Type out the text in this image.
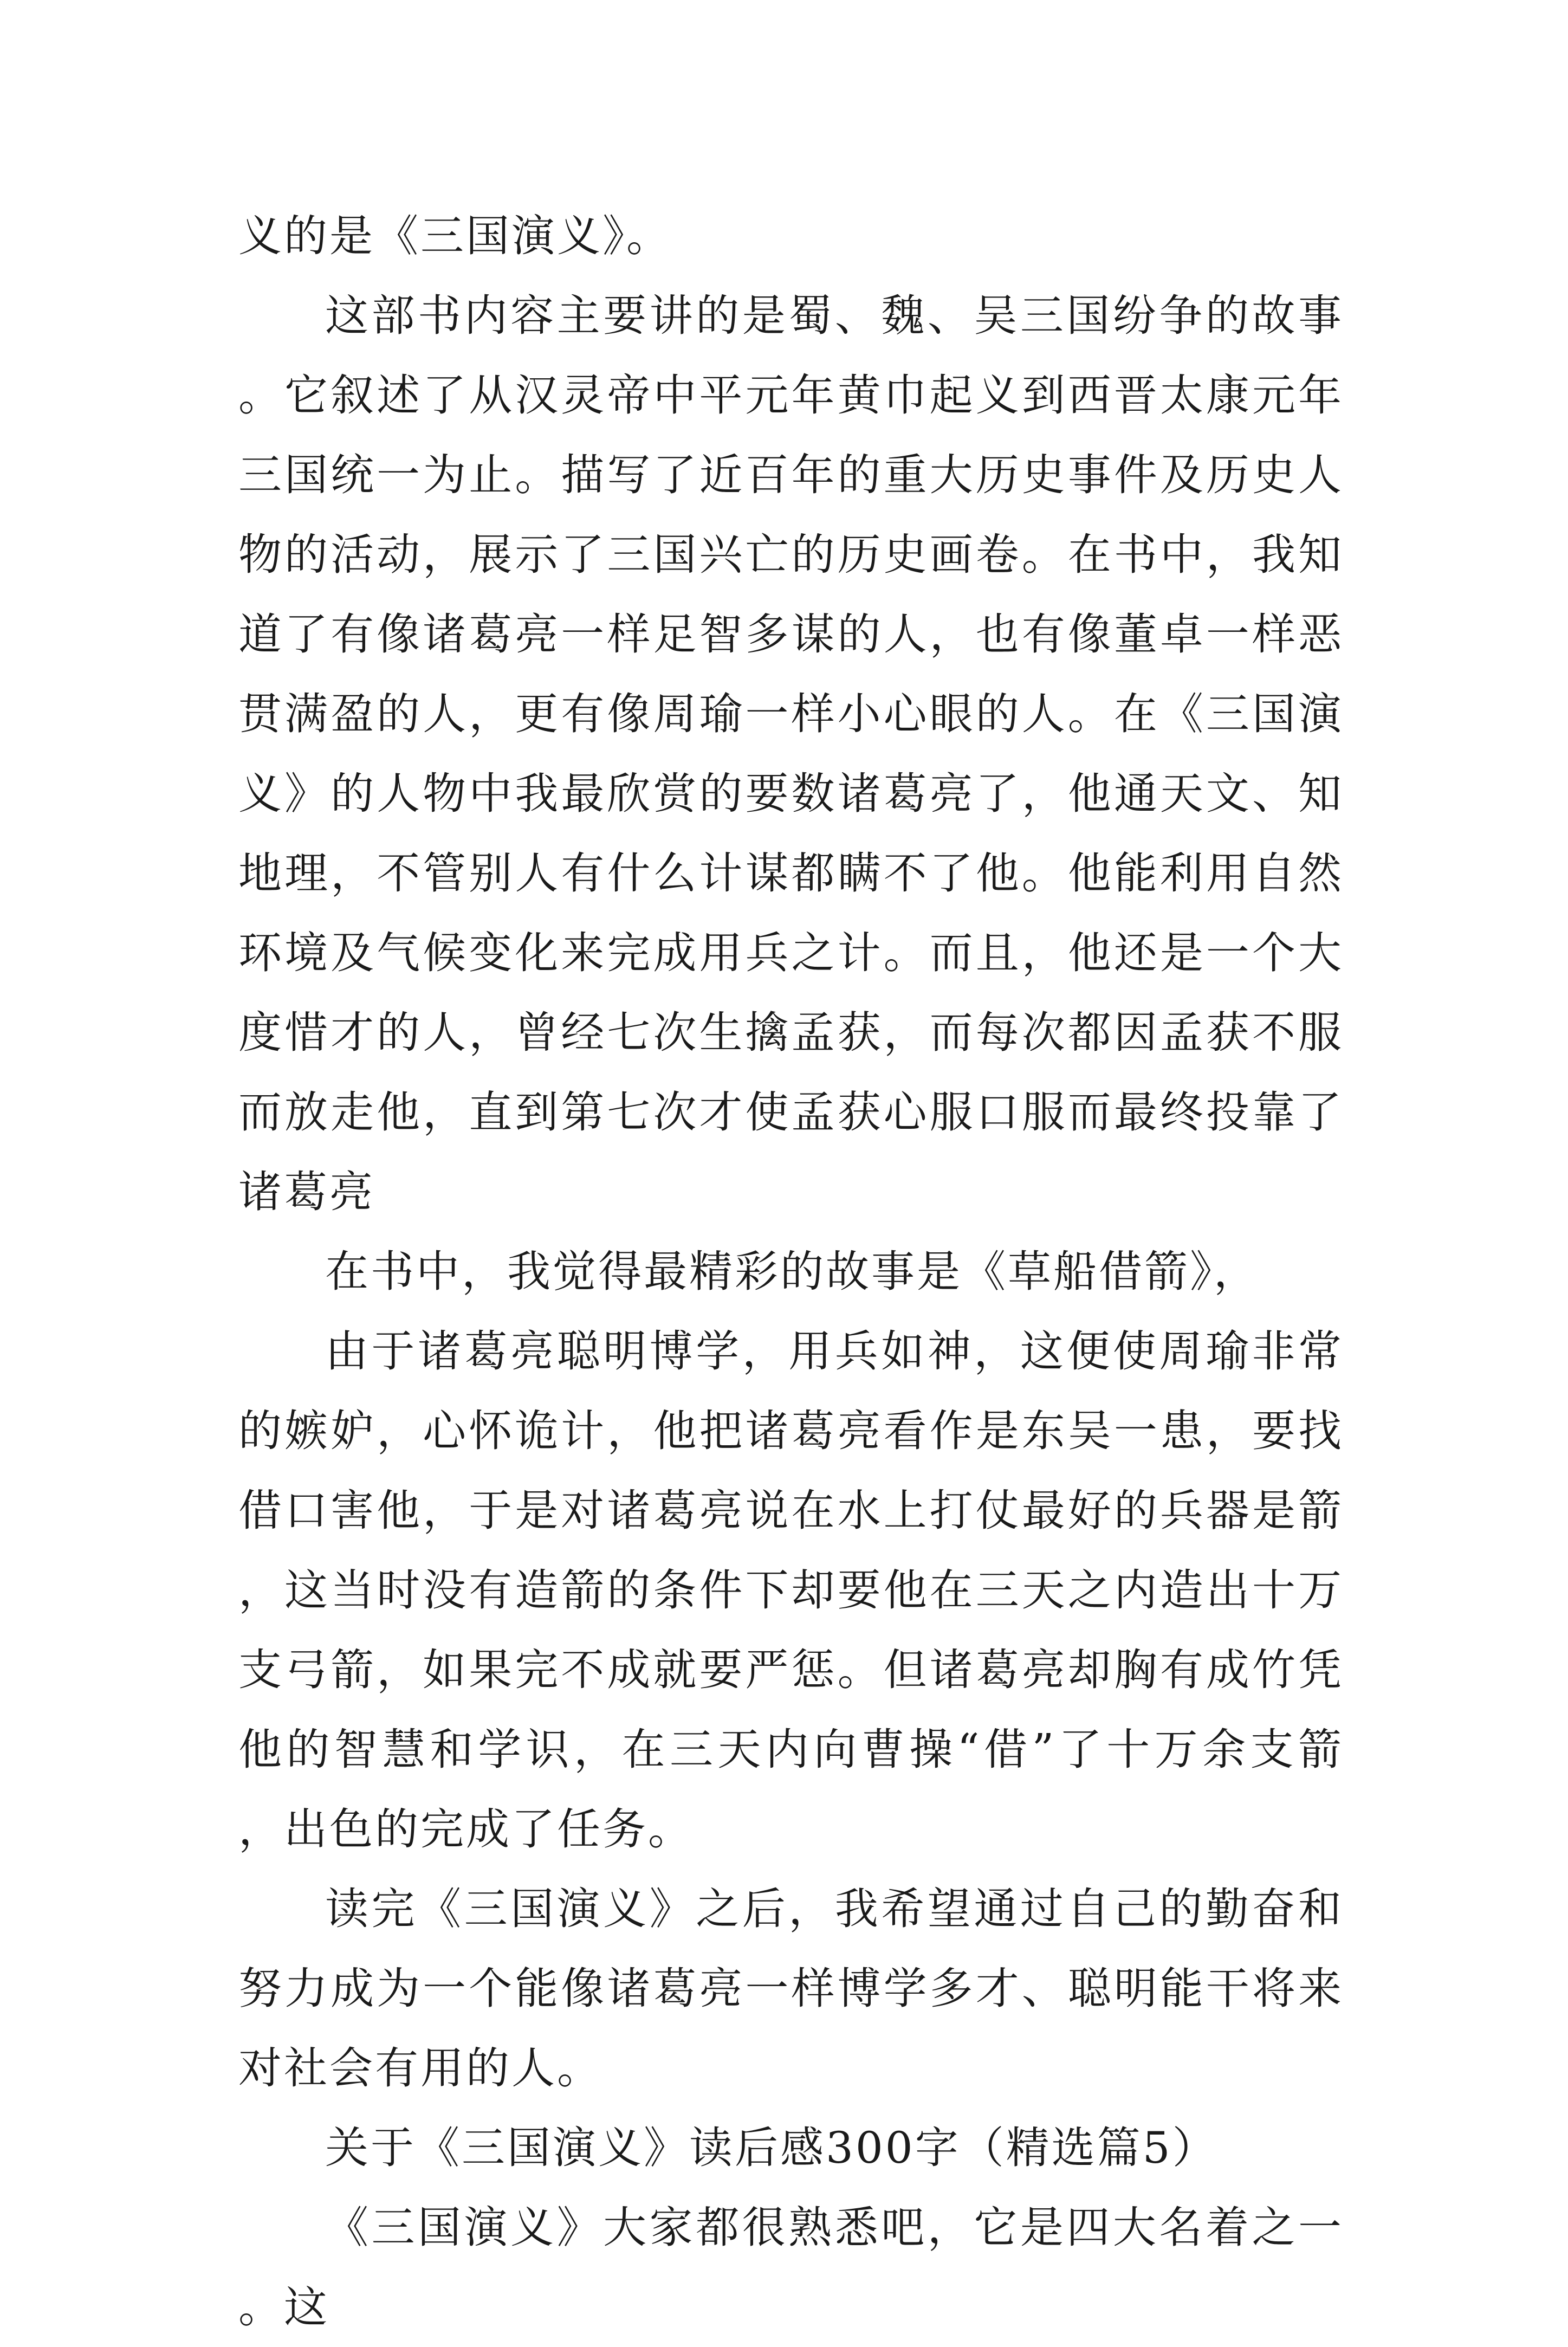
义的是《三国演义》。

这部书内容主要讲的是蜀、魏、吴三国纷争的故事。它叙述了从汉灵帝中平元年黄巾起义到西晋太康元年三国统一为止。描写了近百年的重大历史事件及历史人物的活动，展示了三国兴亡的历史画卷。在书中，我知道了有像诸葛亮一样足智多谋的人，也有像董卓一样恶贯满盈的人，更有像周瑜一样小心眼的人。在《三国演义》的人物中我最欣赏的要数诸葛亮了，他通天文、知地理，不管别人有什么计谋都瞒不了他。他能利用自然环境及气候变化来完成用兵之计。而且，他还是一个大度惜才的人，曾经七次生擒孟获，而每次都因孟获不服而放走他，直到第七次才使孟获心服口服而最终投靠了诸葛亮

在书中，我觉得最精彩的故事是《草船借箭》，

由于诸葛亮聪明博学，用兵如神，这便使周瑜非常的嫉妒，心怀诡计，他把诸葛亮看作是东吴一患，要找借口害他，于是对诸葛亮说在水上打仗最好的兵器是箭，这当时没有造箭的条件下却要他在三天之内造出十万支弓箭，如果完不成就要严惩。但诸葛亮却胸有成竹凭他的智慧和学识，在三天内向曹操“借”了十万余支箭 ，出色的完成了任务。

读完《三国演义》之后，我希望通过自己的勤奋和努力成为一个能像诸葛亮一样博学多才、聪明能干将来对社会有用的人。

关于《三国演义》读后感300字（精选篇5）

《三国演义》大家都很熟悉吧，它是四大名着之一。这
